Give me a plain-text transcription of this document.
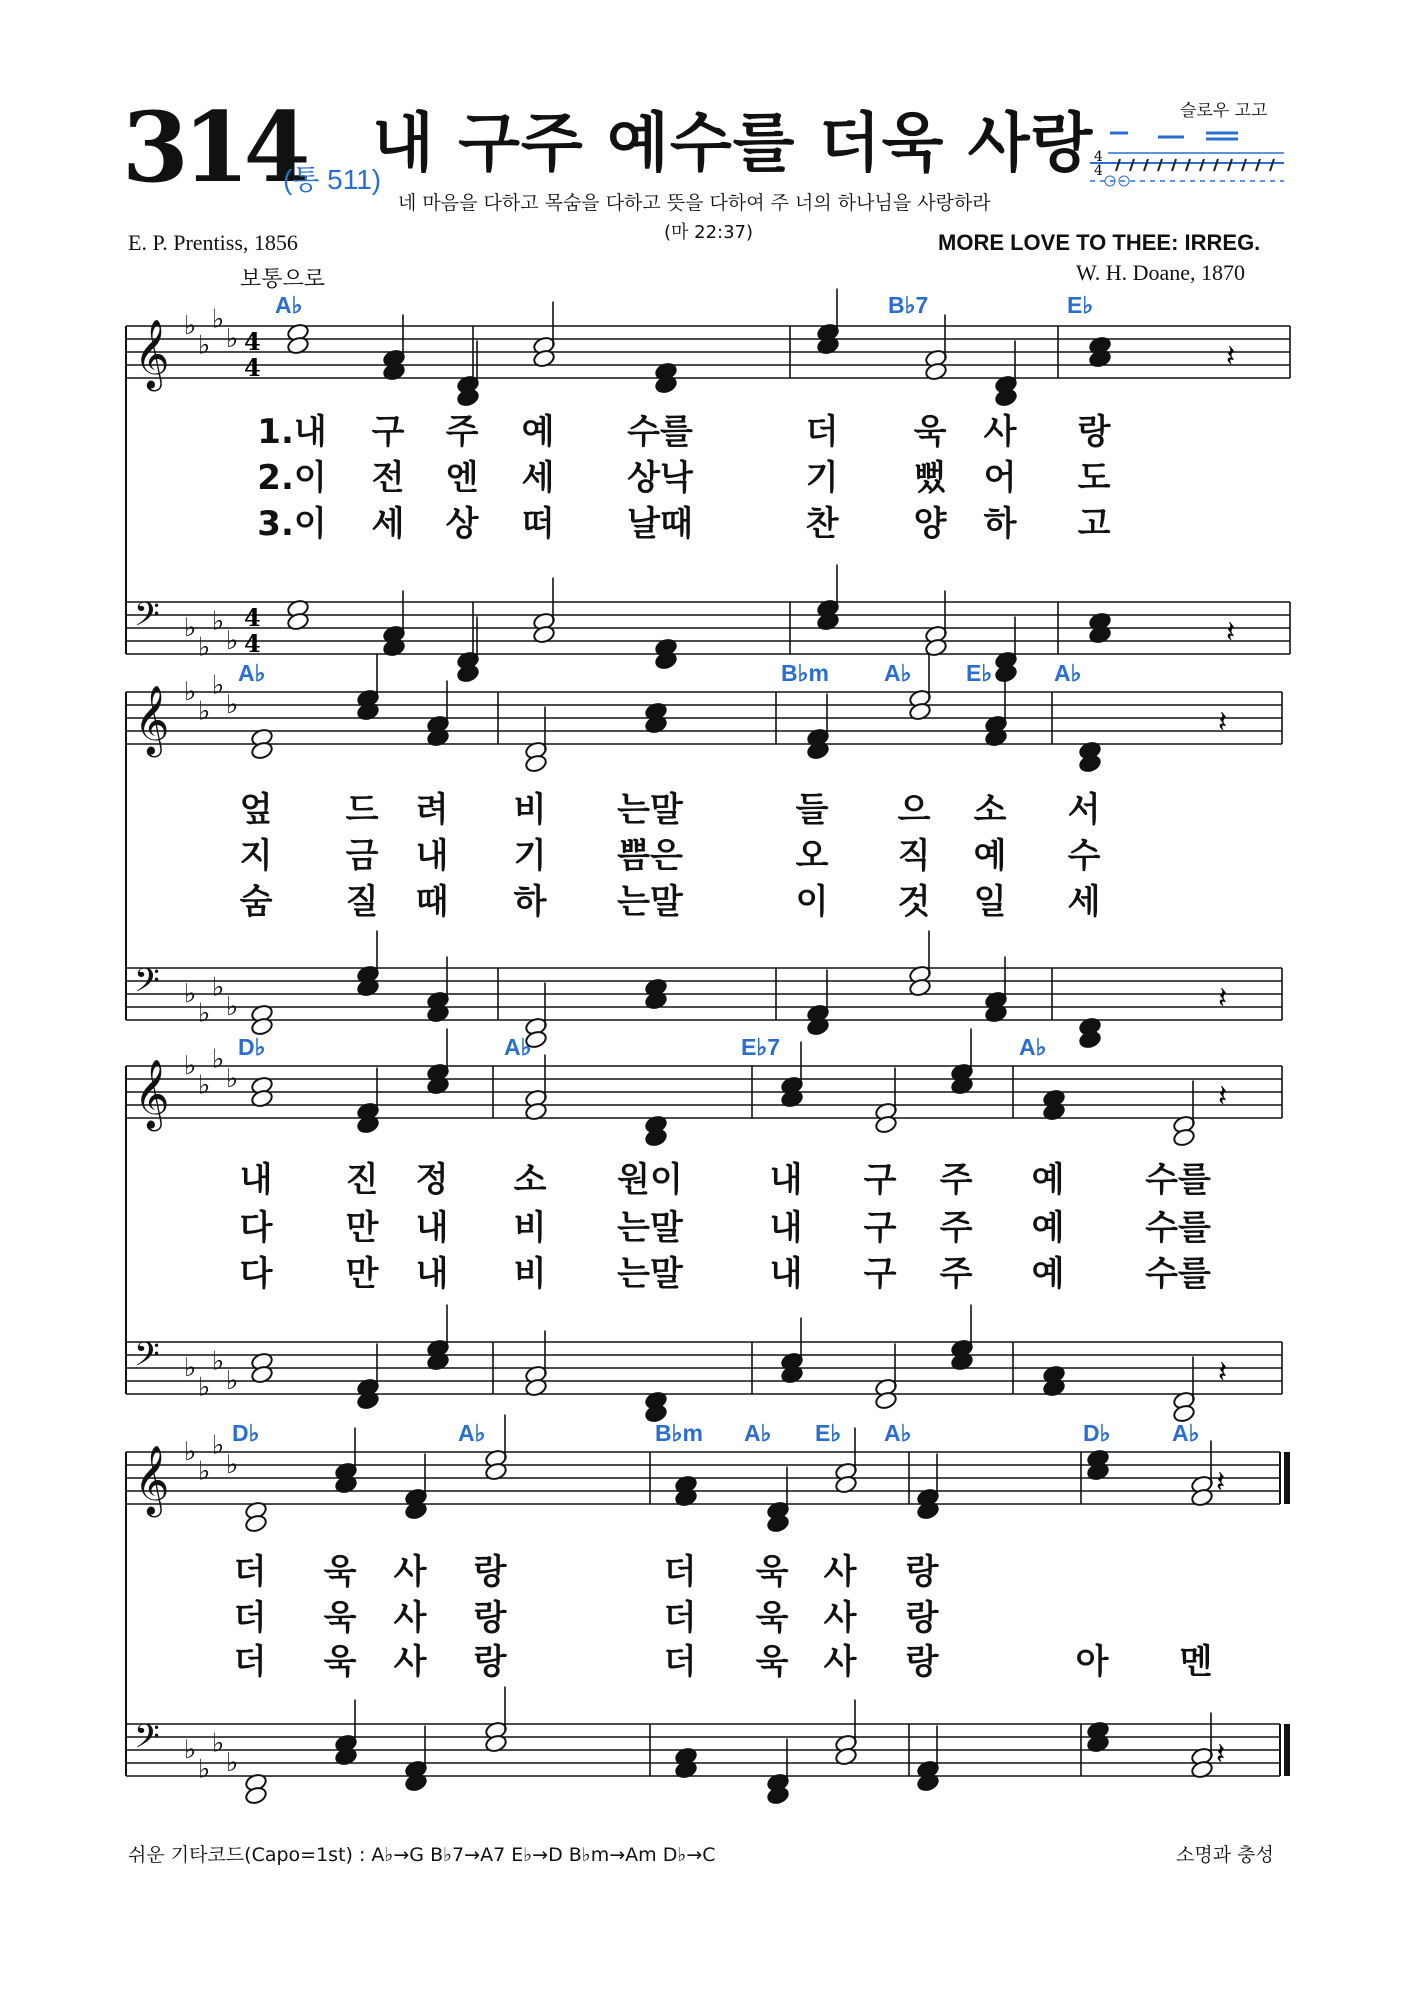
314
(통 511)
내 구주 예수를 더욱 사랑
네 마음을 다하고 목숨을 다하고 뜻을 다하여 주 너의 하나님을 사랑하라
(마 22:37)
슬로우 고고
4
4
E. P. Prentiss, 1856	MORE LOVE TO THEE: IRREG.
W. H. Doane, 1870
보통으로
𝄞 ♭
♭
♭
♭ 4
4
𝄢 ♭
♭
♭
♭
4
4
𝄽
𝄽
𝄞 ♭
♭
♭
♭
𝄢 ♭
♭
♭
♭
𝄽
𝄽
𝄞 ♭
♭
♭
♭
𝄢 ♭
♭
♭
♭
𝄽
𝄽
𝄞 ♭
♭
♭
♭
𝄢 ♭
♭
♭
♭
𝄽
𝄽
A♭	B♭7	E♭
A♭	B♭m A♭ E♭	A♭
D♭	A♭	E♭7	A♭
D♭	A♭	B♭m A♭ E♭ A♭	D♭	A♭
1.내 구 주 예 수를	더 욱 사 랑
2.이 전 엔 세 상낙	기 뻤 어 도
3.이 세 상 떠 날때	찬 양 하 고
엎 드 려 비 는말	들 으 소 서
지 금 내 기 쁨은	오 직 예 수
숨 질 때 하 는말	이 것 일 세
내 진 정 소 원이	내 구 주 예 수를
다 만 내 비 는말	내 구 주 예 수를
다 만 내 비 는말	내 구 주 예 수를
더 욱 사 랑	더 욱 사 랑
더 욱 사 랑	더 욱 사 랑
더 욱 사 랑	더 욱 사 랑	아 멘
쉬운 기타코드(Capo=1st) : A♭→G B♭7→A7 E♭→D B♭m→Am D♭→C	소명과 충성
